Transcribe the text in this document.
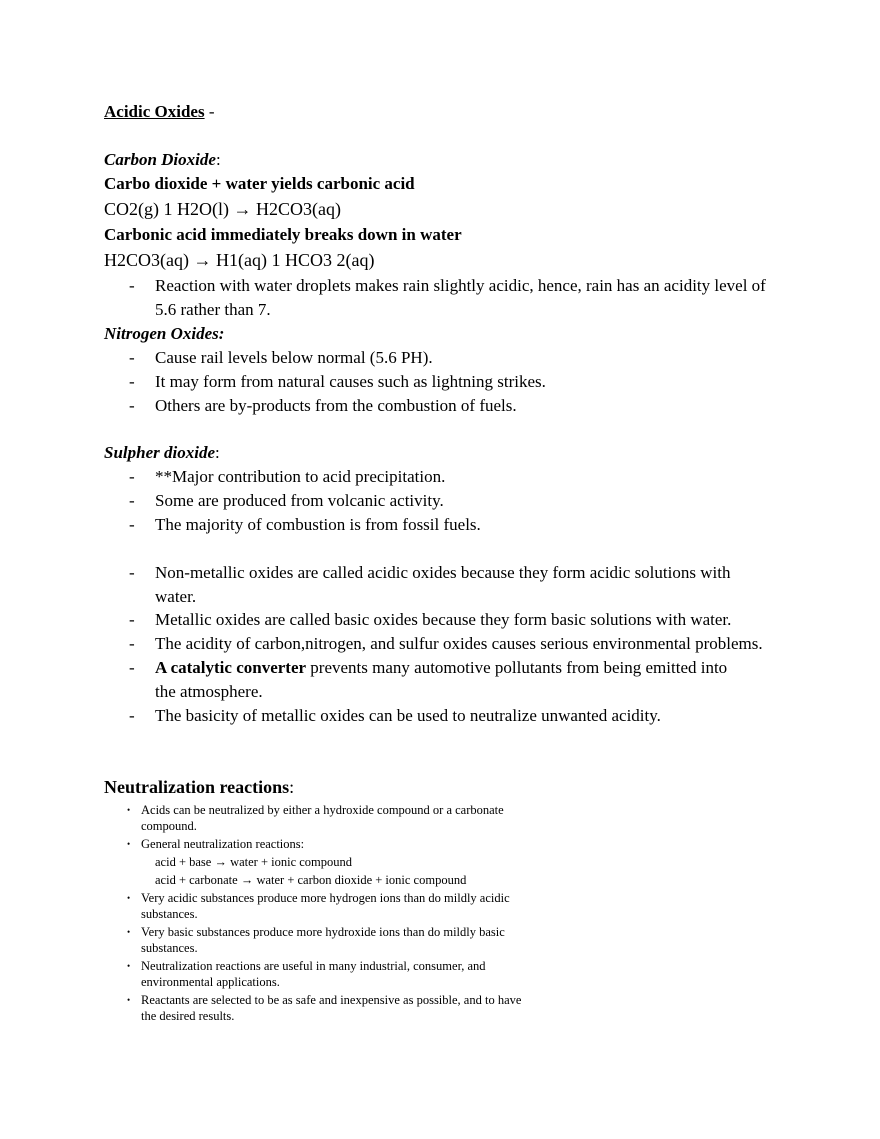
Acidic Oxides -
Carbon Dioxide:
Carbo dioxide + water yields carbonic acid
CO2(g) 1 H2O(l) → H2CO3(aq)
Carbonic acid immediately breaks down in water
H2CO3(aq) → H1(aq) 1 HCO3 2(aq)
- Reaction with water droplets makes rain slightly acidic, hence, rain has an acidity level of
5.6 rather than 7.
Nitrogen Oxides:
- Cause rail levels below normal (5.6 PH).
- It may form from natural causes such as lightning strikes.
- Others are by-products from the combustion of fuels.
Sulpher dioxide:
- **Major contribution to acid precipitation.
- Some are produced from volcanic activity.
- The majority of combustion is from fossil fuels.
- Non-metallic oxides are called acidic oxides because they form acidic solutions with
water.
- Metallic oxides are called basic oxides because they form basic solutions with water.
- The acidity of carbon,nitrogen, and sulfur oxides causes serious environmental problems.
- A catalytic converter prevents many automotive pollutants from being emitted into
the atmosphere.
- The basicity of metallic oxides can be used to neutralize unwanted acidity.
Neutralization reactions:
• Acids can be neutralized by either a hydroxide compound or a carbonate
compound.
• General neutralization reactions:
acid + base → water + ionic compound
acid + carbonate → water + carbon dioxide + ionic compound
• Very acidic substances produce more hydrogen ions than do mildly acidic
substances.
• Very basic substances produce more hydroxide ions than do mildly basic
substances.
• Neutralization reactions are useful in many industrial, consumer, and
environmental applications.
• Reactants are selected to be as safe and inexpensive as possible, and to have
the desired results.
